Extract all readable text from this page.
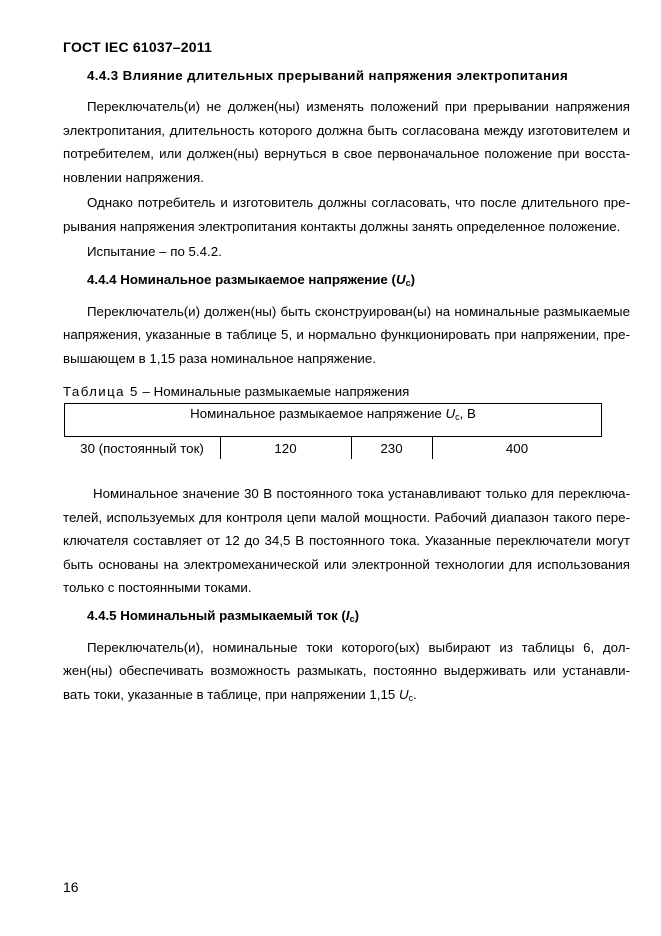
ГОСТ IEC 61037–2011
4.4.3 Влияние длительных прерываний напряжения электропитания

Переключатель(и) не должен(ны) изменять положений при прерывании напряжения электропитания, длительность которого должна быть согласована между изготовителем и потребителем, или должен(ны) вернуться в свое первоначальное положение при восстановлении напряжения.

Однако потребитель и изготовитель должны согласовать, что после длительного прерывания напряжения электропитания контакты должны занять определенное положение.

Испытание – по 5.4.2.

4.4.4 Номинальное размыкаемое напряжение $(U_c)$

Переключатель(и) должен(ны) быть сконструирован(ы) на номинальные размыкаемые напряжения, указанные в таблице 5, и нормально функционировать при напряжении, превышающем в 1,15 раза номинальное напряжение.

Таблица 5 – Номинальные размыкаемые напряжения
Номинальное размыкаемое напряжение $U_c$, В
30 (постоянный ток)	120	230	400

Номинальное значение 30 В постоянного тока устанавливают только для переключателей, используемых для контроля цепи малой мощности. Рабочий диапазон такого переключателя составляет от 12 до 34,5 В постоянного тока. Указанные переключатели могут быть основаны на электромеханической или электронной технологии для использования только с постоянными токами.

4.4.5 Номинальный размыкаемый ток $(I_c)$

Переключатель(и), номинальные токи которого(ых) выбирают из таблицы 6, должен(ны) обеспечивать возможность размыкать, постоянно выдерживать или устанавливать токи, указанные в таблице, при напряжении 1,15 $U_c$.

16
